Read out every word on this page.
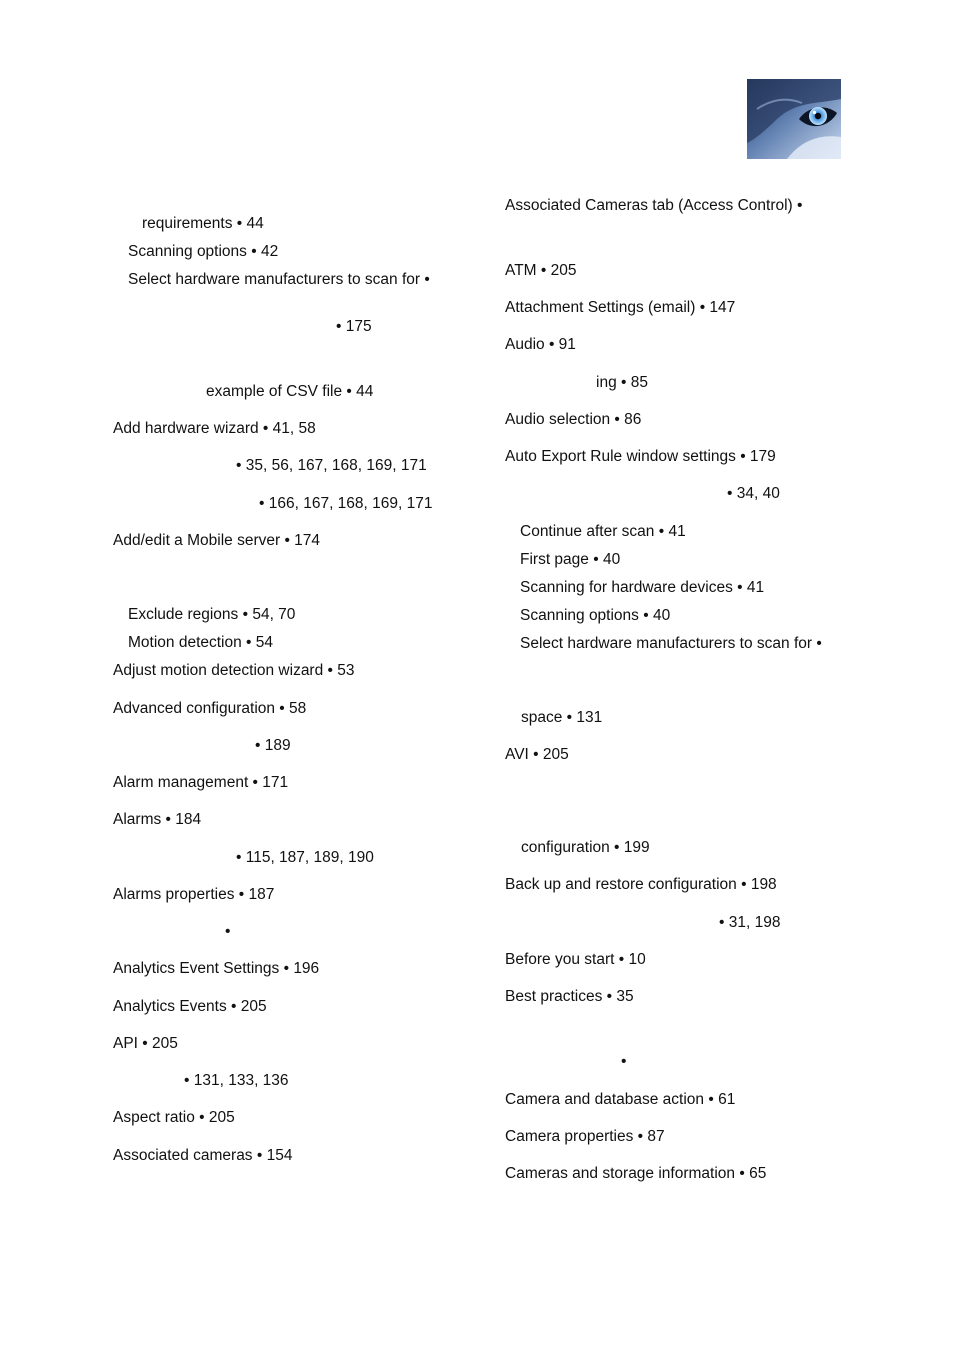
requirements • 44
Scanning options • 42
Select hardware manufacturers to scan for •
• 175
example of CSV file • 44
Add hardware wizard • 41, 58
• 35, 56, 167, 168, 169, 171
• 166, 167, 168, 169, 171
Add/edit a Mobile server • 174
Exclude regions • 54, 70
Motion detection • 54
Adjust motion detection wizard • 53
Advanced configuration • 58
• 189
Alarm management • 171
Alarms • 184
• 115, 187, 189, 190
Alarms properties • 187
•
Analytics Event Settings • 196
Analytics Events • 205
API • 205
• 131, 133, 136
Aspect ratio • 205
Associated cameras • 154
Associated Cameras tab (Access Control) •
ATM • 205
Attachment Settings (email) • 147
Audio • 91
ing • 85
Audio selection • 86
Auto Export Rule window settings • 179
• 34, 40
Continue after scan • 41
First page • 40
Scanning for hardware devices • 41
Scanning options • 40
Select hardware manufacturers to scan for •
space • 131
AVI • 205
configuration • 199
Back up and restore configuration • 198
• 31, 198
Before you start • 10
Best practices • 35
•
Camera and database action • 61
Camera properties • 87
Cameras and storage information • 65
